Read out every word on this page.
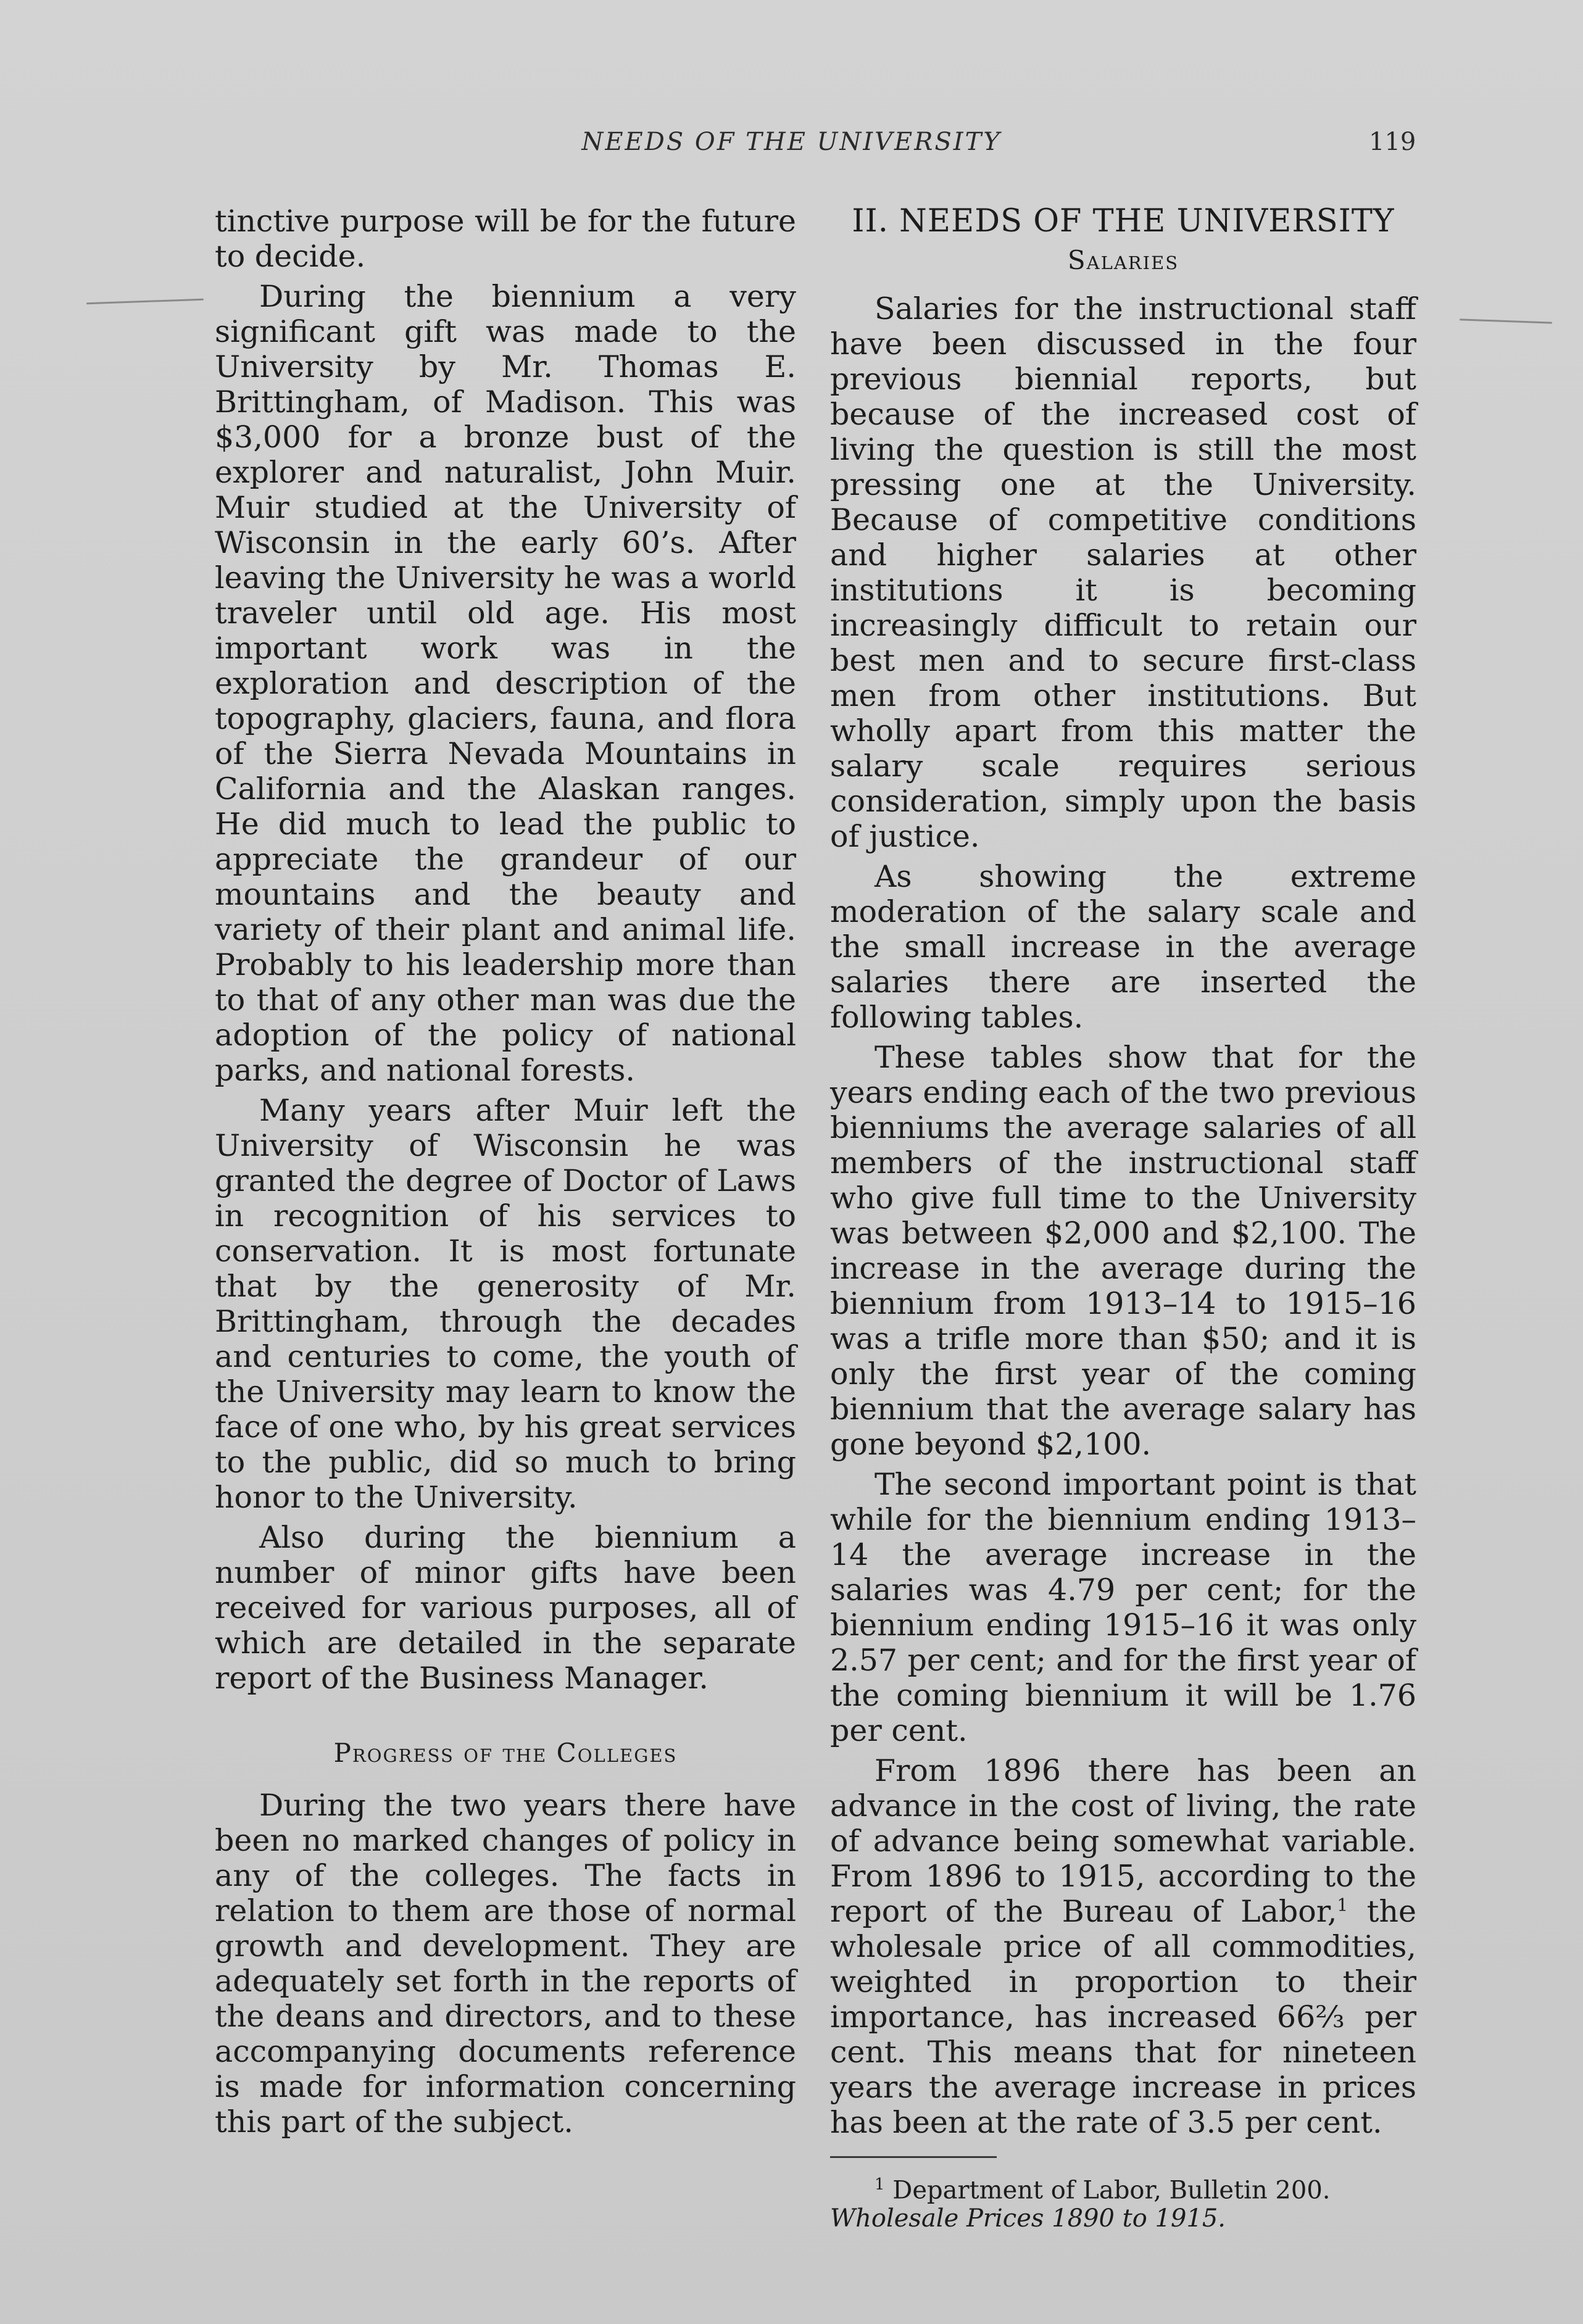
NEEDS OF THE UNIVERSITY	119

tinctive purpose will be for the future to decide.

During the biennium a very significant gift was made to the University by Mr. Thomas E. Brittingham, of Madison. This was $3,000 for a bronze bust of the explorer and naturalist, John Muir. Muir studied at the University of Wisconsin in the early 60’s. After leaving the University he was a world traveler until old age. His most important work was in the exploration and description of the topography, glaciers, fauna, and flora of the Sierra Nevada Mountains in California and the Alaskan ranges. He did much to lead the public to appreciate the grandeur of our mountains and the beauty and variety of their plant and animal life. Probably to his leadership more than to that of any other man was due the adoption of the policy of national parks, and national forests.

Many years after Muir left the University of Wisconsin he was granted the degree of Doctor of Laws in recognition of his services to conservation. It is most fortunate that by the generosity of Mr. Brittingham, through the decades and centuries to come, the youth of the University may learn to know the face of one who, by his great services to the public, did so much to bring honor to the University.

Also during the biennium a number of minor gifts have been received for various purposes, all of which are detailed in the separate report of the Business Manager.

Progress of the Colleges

During the two years there have been no marked changes of policy in any of the colleges. The facts in relation to them are those of normal growth and development. They are adequately set forth in the reports of the deans and directors, and to these accompanying documents reference is made for information concerning this part of the subject.

II. NEEDS OF THE UNIVERSITY
Salaries

Salaries for the instructional staff have been discussed in the four previous biennial reports, but because of the increased cost of living the question is still the most pressing one at the University. Because of competitive conditions and higher salaries at other institutions it is becoming increasingly difficult to retain our best men and to secure first-class men from other institutions. But wholly apart from this matter the salary scale requires serious consideration, simply upon the basis of justice.

As showing the extreme moderation of the salary scale and the small increase in the average salaries there are inserted the following tables.

These tables show that for the years ending each of the two previous bienniums the average salaries of all members of the instructional staff who give full time to the University was between $2,000 and $2,100. The increase in the average during the biennium from 1913–14 to 1915–16 was a trifle more than $50; and it is only the first year of the coming biennium that the average salary has gone beyond $2,100.

The second important point is that while for the biennium ending 1913–14 the average increase in the salaries was 4.79 per cent; for the biennium ending 1915–16 it was only 2.57 per cent; and for the first year of the coming biennium it will be 1.76 per cent.

From 1896 there has been an advance in the cost of living, the rate of advance being somewhat variable. From 1896 to 1915, according to the report of the Bureau of Labor,$^1$ the wholesale price of all commodities, weighted in proportion to their importance, has increased 66⅔ per cent. This means that for nineteen years the average increase in prices has been at the rate of 3.5 per cent.

$^1$ Department of Labor, Bulletin 200.
Wholesale Prices 1890 to 1915.
